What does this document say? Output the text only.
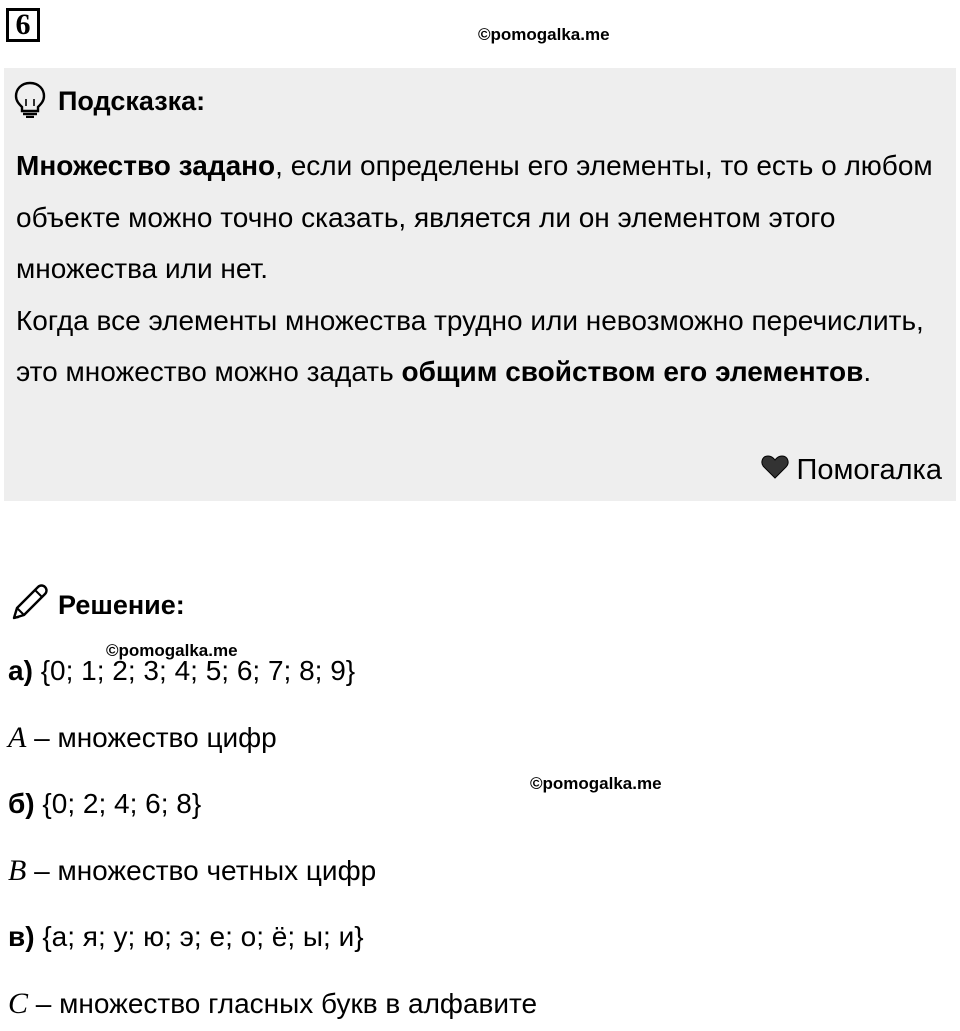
6	©pomogalka.me
Подсказка:
Множество задано, если определены его элементы, то есть о любом объекте можно точно сказать, является ли он элементом этого множества или нет.
Когда все элементы множества трудно или невозможно перечислить, это множество можно задать общим свойством его элементов.
Помогалка
Решение:
©pomogalka.me
а) {0; 1; 2; 3; 4; 5; 6; 7; 8; 9}
A – множество цифр
©pomogalka.me
б) {0; 2; 4; 6; 8}
B – множество четных цифр
в) {а; я; у; ю; э; е; о; ё; ы; и}
C – множество гласных букв в алфавите
